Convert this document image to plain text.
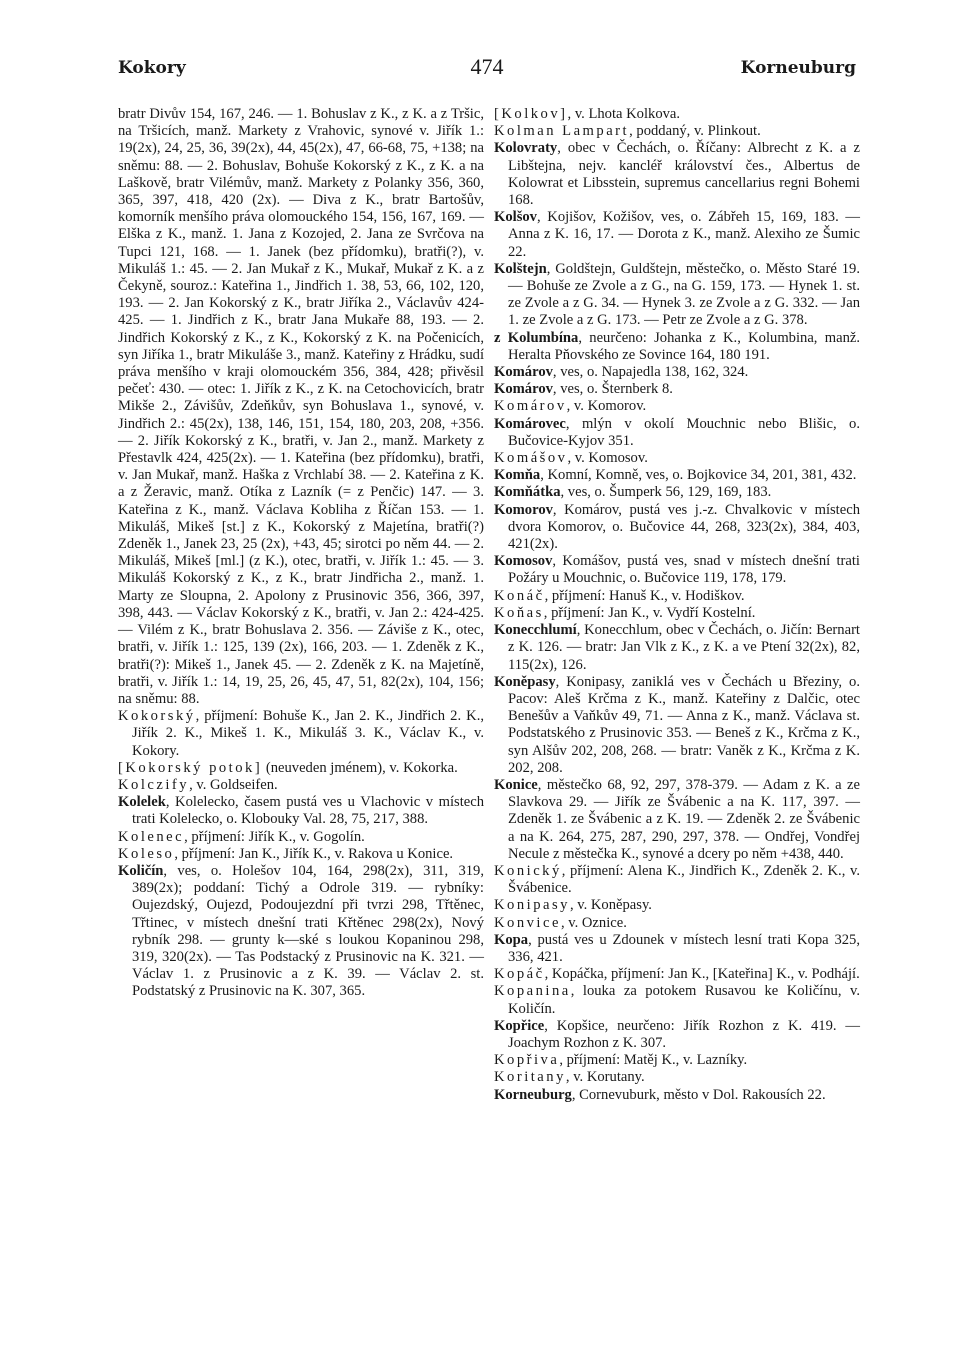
Kokory	474	Korneuburg

bratr Divův 154, 167, 246. — 1. Bohuslav z K., z K. a z Tršic, na Tršicích, manž. Markety z Vrahovic, synové v. Jiřík 1.: 19(2x), 24, 25, 36, 39(2x), 44, 45(2x), 47, 66-68, 75, +138; na sněmu: 88. — 2. Bohuslav, Bohuše Kokorský z K., z K. a na Laškově, bratr Vilémův, manž. Markety z Polanky 356, 360, 365, 397, 418, 420 (2x). — Diva z K., bratr Bartošův, komorník menšího práva olomouckého 154, 156, 167, 169. — Elška z K., manž. 1. Jana z Kozojed, 2. Jana ze Svrčova na Tupci 121, 168. — 1. Janek (bez přídomku), bratři(?), v. Mikuláš 1.: 45. — 2. Jan Mukař z K., Mukař, Mukař z K. a z Čekyně, souroz.: Kateřina 1., Jindřich 1. 38, 53, 66, 102, 120, 193. — 2. Jan Kokorský z K., bratr Jiříka 2., Václavův 424-425. — 1. Jindřich z K., bratr Jana Mukaře 88, 193. — 2. Jindřich Kokorský z K., z K., Kokorský z K. na Počenicích, syn Jiříka 1., bratr Mikuláše 3., manž. Kateřiny z Hrádku, sudí práva menšího v kraji olomouckém 356, 384, 428; přivěsil pečeť: 430. — otec: 1. Jiřík z K., z K. na Cetochovicích, bratr Mikše 2., Závišův, Zdeňkův, syn Bohuslava 1., synové, v. Jindřich 2.: 45(2x), 138, 146, 151, 154, 180, 203, 208, +356. — 2. Jiřík Kokorský z K., bratři, v. Jan 2., manž. Markety z Přestavlk 424, 425(2x). — 1. Kateřina (bez přídomku), bratři, v. Jan Mukař, manž. Haška z Vrchlabí 38. — 2. Kateřina z K. a z Žeravic, manž. Otíka z Lazník (= z Penčic) 147. — 3. Kateřina z K., manž. Václava Kobliha z Říčan 153. — 1. Mikuláš, Mikeš [st.] z K., Kokorský z Majetína, bratři(?) Zdeněk 1., Janek 23, 25 (2x), +43, 45; sirotci po něm 44. — 2. Mikuláš, Mikeš [ml.] (z K.), otec, bratři, v. Jiřík 1.: 45. — 3. Mikuláš Kokorský z K., z K., bratr Jindřicha 2., manž. 1. Marty ze Sloupna, 2. Apolony z Prusinovic 356, 366, 397, 398, 443. — Václav Kokorský z K., bratři, v. Jan 2.: 424-425. — Vilém z K., bratr Bohuslava 2. 356. — Záviše z K., otec, bratři, v. Jiřík 1.: 125, 139 (2x), 166, 203. — 1. Zdeněk z K., bratři(?): Mikeš 1., Janek 45. — 2. Zdeněk z K. na Majetíně, bratři, v. Jiřík 1.: 14, 19, 25, 26, 45, 47, 51, 82(2x), 104, 156; na sněmu: 88.

Kokorský, příjmení: Bohuše K., Jan 2. K., Jindřich 2. K., Jiřík 2. K., Mikeš 1. K., Mikuláš 3. K., Václav K., v. Kokory.

[Kokorský potok] (neuveden jménem), v. Kokorka.

Kolczify, v. Goldseifen.

Kolelek, Kolelecko, časem pustá ves u Vlachovic v místech trati Kolelecko, o. Klobouky Val. 28, 75, 217, 388.

Kolenec, příjmení: Jiřík K., v. Gogolín.

Koleso, příjmení: Jan K., Jiřík K., v. Rakova u Konice.

Količín, ves, o. Holešov 104, 164, 298(2x), 311, 319, 389(2x); poddaní: Tichý a Odrole 319. — rybníky: Oujezdský, Oujezd, Podoujezdní při tvrzi 298, Třtěnec, Třtinec, v místech dnešní trati Křtěnec 298(2x), Nový rybník 298. — grunty k—ské s loukou Kopaninou 298, 319, 320(2x). — Tas Podstacký z Prusinovic na K. 321. — Václav 1. z Prusinovic a z K. 39. — Václav 2. st. Podstatský z Prusinovic na K. 307, 365.

[Kolkov], v. Lhota Kolkova.

Kolman Lampart, poddaný, v. Plinkout.

Kolovraty, obec v Čechách, o. Říčany: Albrecht z K. a z Libštejna, nejv. kancléř království čes., Albertus de Kolowrat et Libsstein, supremus cancellarius regni Bohemi 168.

Kolšov, Kojišov, Kožišov, ves, o. Zábřeh 15, 169, 183. — Anna z K. 16, 17. — Dorota z K., manž. Alexiho ze Šumic 22.

Kolštejn, Goldštejn, Guldštejn, městečko, o. Město Staré 19. — Bohuše ze Zvole a z G., na G. 159, 173. — Hynek 1. st. ze Zvole a z G. 34. — Hynek 3. ze Zvole a z G. 332. — Jan 1. ze Zvole a z G. 173. — Petr ze Zvole a z G. 378.

z Kolumbína, neurčeno: Johanka z K., Kolumbina, manž. Heralta Pňovského ze Sovince 164, 180 191.

Komárov, ves, o. Napajedla 138, 162, 324.

Komárov, ves, o. Šternberk 8.

Komárov, v. Komorov.

Komárovec, mlýn v okolí Mouchnic nebo Blišic, o. Bučovice-Kyjov 351.

Komášov, v. Komosov.

Komňa, Komní, Komně, ves, o. Bojkovice 34, 201, 381, 432.

Komňátka, ves, o. Šumperk 56, 129, 169, 183.

Komorov, Komárov, pustá ves j.-z. Chvalkovic v místech dvora Komorov, o. Bučovice 44, 268, 323(2x), 384, 403, 421(2x).

Komosov, Komášov, pustá ves, snad v místech dnešní trati Požáry u Mouchnic, o. Bučovice 119, 178, 179.

Konáč, příjmení: Hanuš K., v. Hodiškov.

Koňas, příjmení: Jan K., v. Vydří Kostelní.

Konecchlumí, Konecchlum, obec v Čechách, o. Jičín: Bernart z K. 126. — bratr: Jan Vlk z K., z K. a ve Ptení 32(2x), 82, 115(2x), 126.

Koněpasy, Konipasy, zaniklá ves v Čechách u Březiny, o. Pacov: Aleš Krčma z K., manž. Kateřiny z Dalčic, otec Benešův a Vaňkův 49, 71. — Anna z K., manž. Václava st. Podstatského z Prusinovic 353. — Beneš z K., Krčma z K., syn Alšův 202, 208, 268. — bratr: Vaněk z K., Krčma z K. 202, 208.

Konice, městečko 68, 92, 297, 378-379. — Adam z K. a ze Slavkova 29. — Jiřík ze Švábenic a na K. 117, 397. — Zdeněk 1. ze Švábenic a z K. 19. — Zdeněk 2. ze Švábenic a na K. 264, 275, 287, 290, 297, 378. — Ondřej, Vondřej Necule z městečka K., synové a dcery po něm +438, 440.

Konický, příjmení: Alena K., Jindřich K., Zdeněk 2. K., v. Švábenice.

Konipasy, v. Koněpasy.

Konvice, v. Oznice.

Kopa, pustá ves u Zdounek v místech lesní trati Kopa 325, 336, 421.

Kopáč, Kopáčka, příjmení: Jan K., [Kateřina] K., v. Podhájí.

Kopanina, louka za potokem Rusavou ke Količínu, v. Količín.

Kopřice, Kopšice, neurčeno: Jiřík Rozhon z K. 419. — Joachym Rozhon z K. 307.

Kopřiva, příjmení: Matěj K., v. Lazníky.

Koritany, v. Korutany.

Korneuburg, Cornevuburk, město v Dol. Rakousích 22.
